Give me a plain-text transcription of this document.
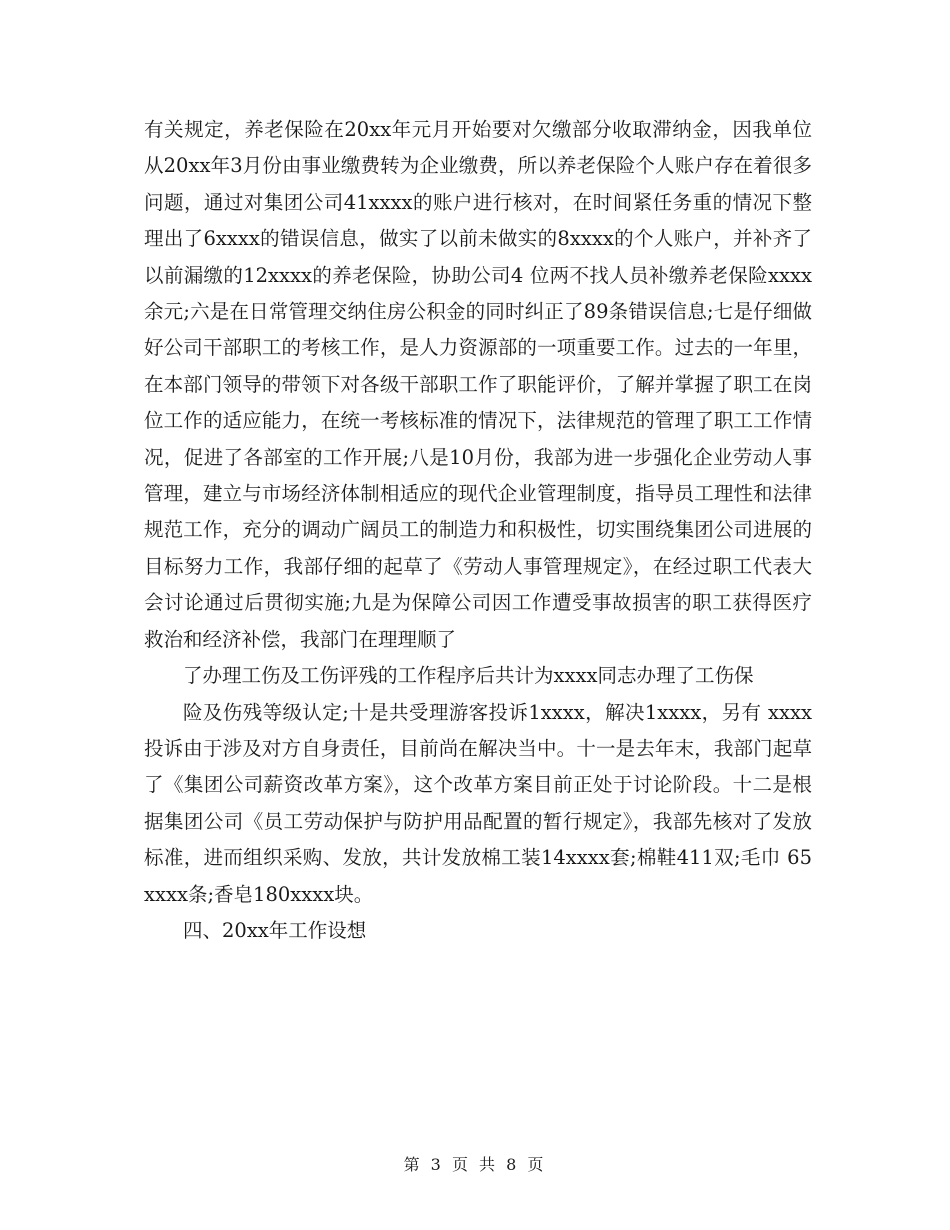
有关规定，养老保险在20xx年元月开始要对欠缴部分收取滞纳金，因我单位从20xx年3月份由事业缴费转为企业缴费，所以养老保险个人账户存在着很多问题，通过对集团公司41xxxx的账户进行核对，在时间紧任务重的情况下整理出了6xxxx的错误信息，做实了以前未做实的8xxxx的个人账户，并补齐了以前漏缴的12xxxx的养老保险，协助公司4 位两不找人员补缴养老保险xxxx余元;六是在日常管理交纳住房公积金的同时纠正了89条错误信息;七是仔细做好公司干部职工的考核工作，是人力资源部的一项重要工作。过去的一年里，在本部门领导的带领下对各级干部职工作了职能评价，了解并掌握了职工在岗位工作的适应能力，在统一考核标准的情况下，法律规范的管理了职工工作情况，促进了各部室的工作开展;八是10月份，我部为进一步强化企业劳动人事管理，建立与市场经济体制相适应的现代企业管理制度，指导员工理性和法律规范工作，充分的调动广阔员工的制造力和积极性，切实围绕集团公司进展的目标努力工作，我部仔细的起草了《劳动人事管理规定》，在经过职工代表大会讨论通过后贯彻实施;九是为保障公司因工作遭受事故损害的职工获得医疗救治和经济补偿，我部门在理理顺了

了办理工伤及工伤评残的工作程序后共计为xxxx同志办理了工伤保

险及伤残等级认定;十是共受理游客投诉1xxxx，解决1xxxx，另有 xxxx投诉由于涉及对方自身责任，目前尚在解决当中。十一是去年末，我部门起草了《集团公司薪资改革方案》，这个改革方案目前正处于讨论阶段。十二是根据集团公司《员工劳动保护与防护用品配置的暂行规定》，我部先核对了发放标准，进而组织采购、发放，共计发放棉工装14xxxx套;棉鞋411双;毛巾 65xxxx条;香皂180xxxx块。

四、20xx年工作设想

第 3 页 共 8 页
